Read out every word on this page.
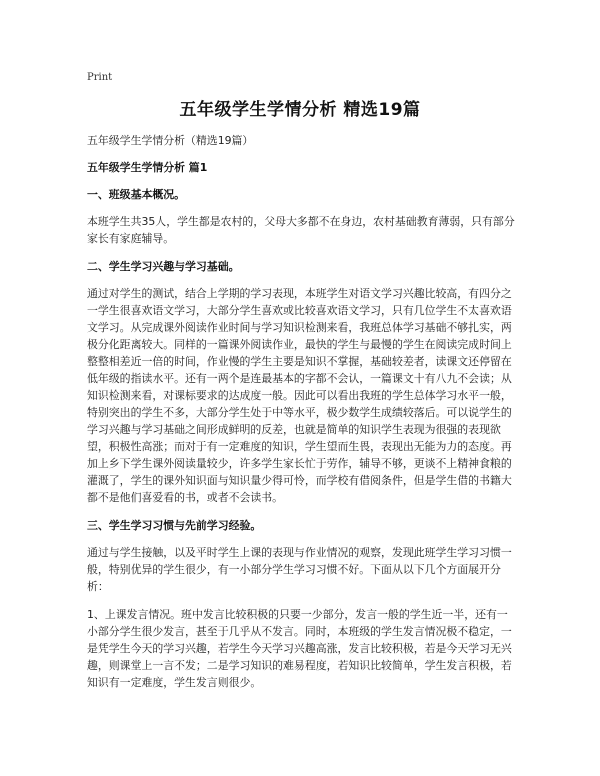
Print
五年级学生学情分析 精选19篇

五年级学生学情分析（精选19篇）

五年级学生学情分析 篇1

一、班级基本概况。

本班学生共35人，学生都是农村的，父母大多都不在身边，农村基础教育薄弱，只有部分家长有家庭辅导。

二、学生学习兴趣与学习基础。

通过对学生的测试，结合上学期的学习表现，本班学生对语文学习兴趣比较高，有四分之一学生很喜欢语文学习，大部分学生喜欢或比较喜欢语文学习，只有几位学生不太喜欢语文学习。从完成课外阅读作业时间与学习知识检测来看，我班总体学习基础不够扎实，两极分化距离较大。同样的一篇课外阅读作业，最快的学生与最慢的学生在阅读完成时间上整整相差近一倍的时间，作业慢的学生主要是知识不掌握，基础较差者，读课文还停留在低年级的指读水平。还有一两个是连最基本的字都不会认，一篇课文十有八九不会读；从知识检测来看，对课标要求的达成度一般。因此可以看出我班的学生总体学习水平一般，特别突出的学生不多，大部分学生处于中等水平，极少数学生成绩较落后。可以说学生的学习兴趣与学习基础之间形成鲜明的反差，也就是简单的知识学生表现为很强的表现欲望，积极性高涨；而对于有一定难度的知识，学生望而生畏，表现出无能为力的态度。再加上乡下学生课外阅读量较少，许多学生家长忙于劳作，辅导不够，更谈不上精神食粮的灌溉了，学生的课外知识面与知识量少得可怜，而学校有借阅条件，但是学生借的书籍大都不是他们喜爱看的书，或者不会读书。

三、学生学习习惯与先前学习经验。

通过与学生接触，以及平时学生上课的表现与作业情况的观察，发现此班学生学习习惯一般，特别优异的学生很少，有一小部分学生学习习惯不好。下面从以下几个方面展开分析：

1、上课发言情况。班中发言比较积极的只要一少部分，发言一般的学生近一半，还有一小部分学生很少发言，甚至于几乎从不发言。同时，本班级的学生发言情况极不稳定，一是凭学生今天的学习兴趣，若学生今天学习兴趣高涨，发言比较积极，若是今天学习无兴趣，则课堂上一言不发；二是学习知识的难易程度，若知识比较简单，学生发言积极，若知识有一定难度，学生发言则很少。
